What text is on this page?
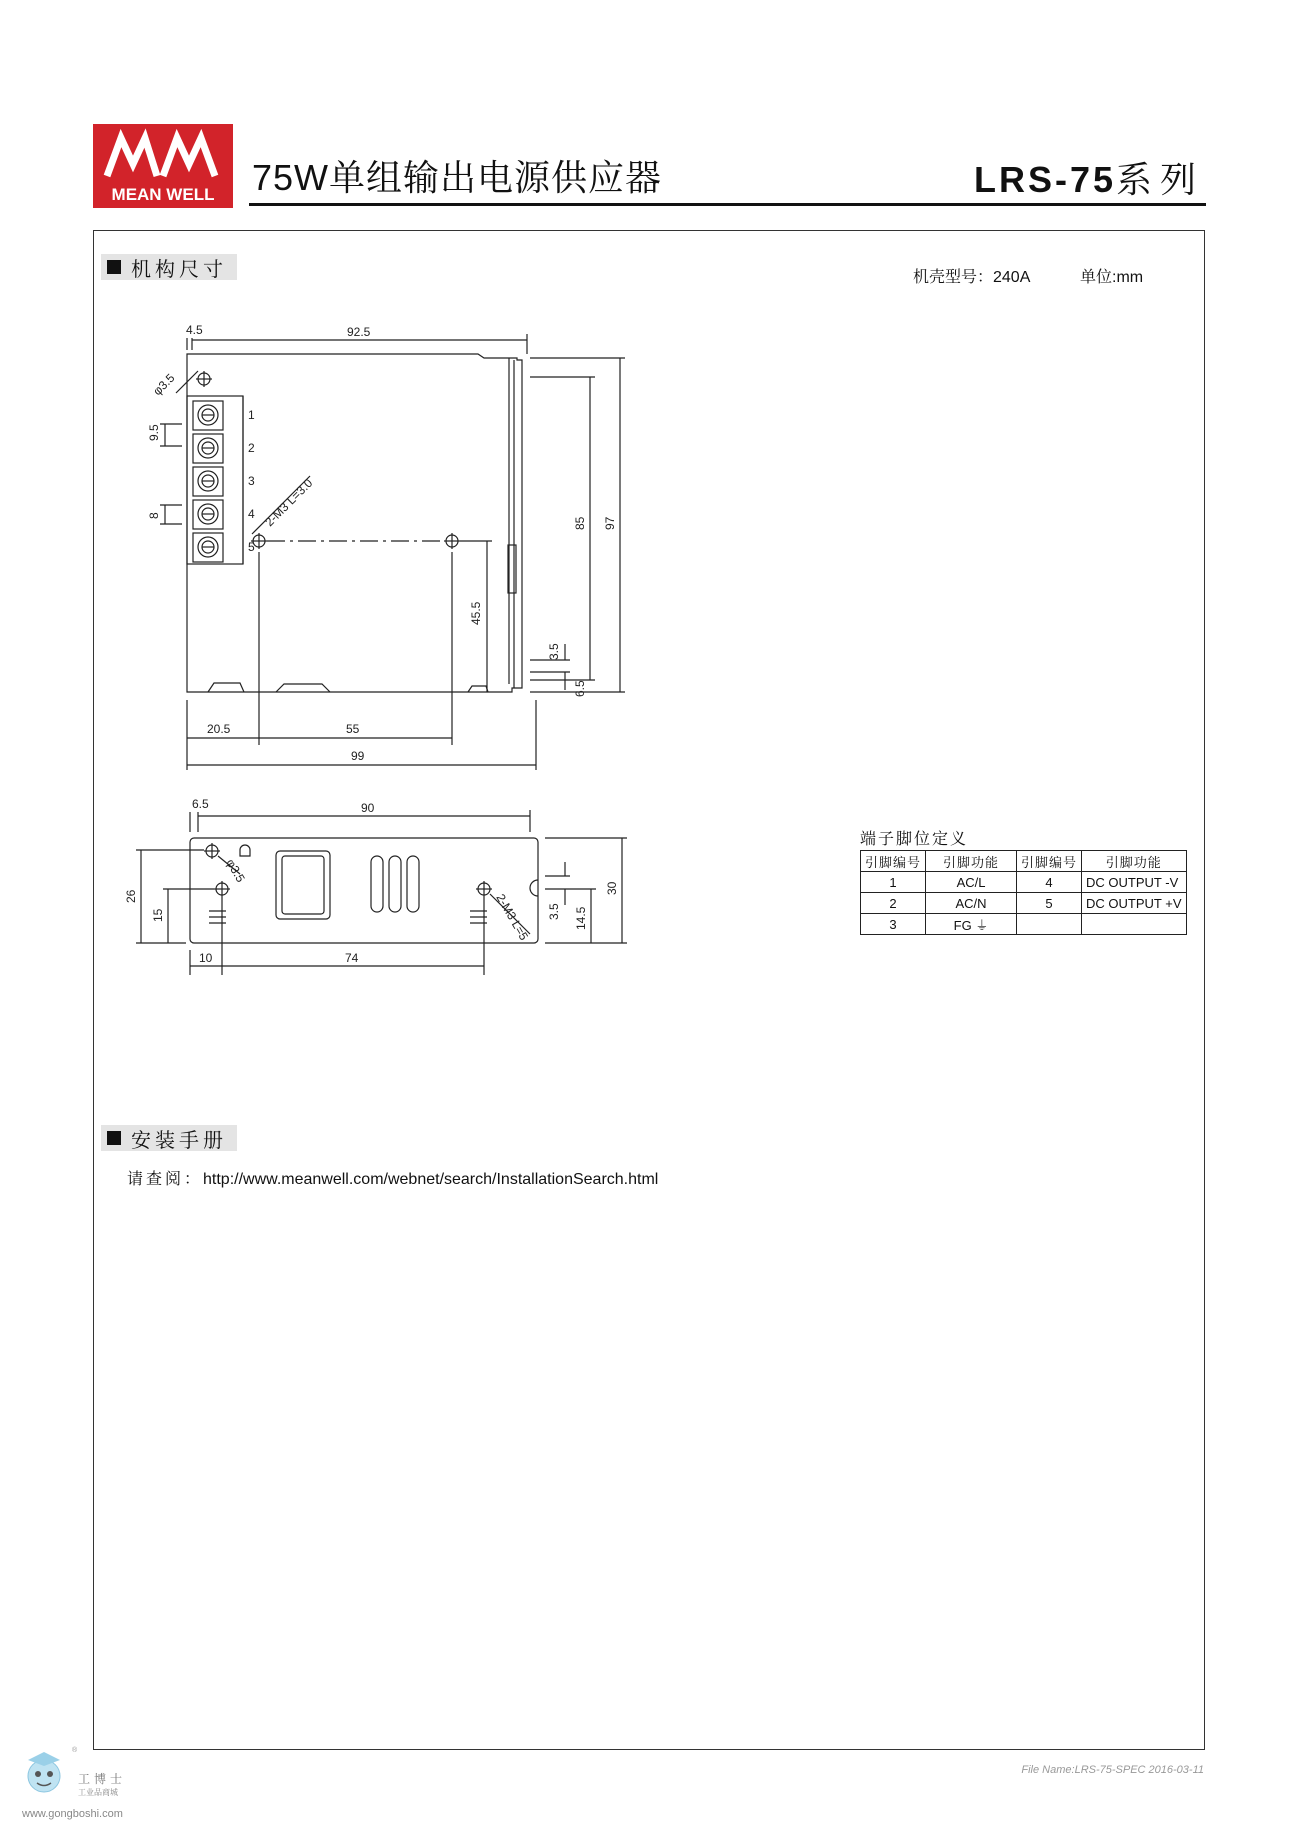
MEAN WELL 75W单组输出电源供应器	LRS-75系列
机构尺寸	机壳型号：240A	单位:mm
4.5	92.5
9.5
8
85 97
45.5
3.5
6.5
20.5	55
99
φ3.5
2-M3 L=3.0
1
2
3
4
5
6.5	90
26
15
30
3.5 14.5
10	74
φ3.5
2-M3 L=5
端子脚位定义
引脚编号	引脚功能	引脚编号	引脚功能
1	AC/L	4	DC OUTPUT -V
2	AC/N	5	DC OUTPUT +V
3	FG ⏚		
安装手册
请查阅：http://www.meanwell.com/webnet/search/InstallationSearch.html
®
工博士
工业品商城
www.gongboshi.com
File Name:LRS-75-SPEC 2016-03-11
